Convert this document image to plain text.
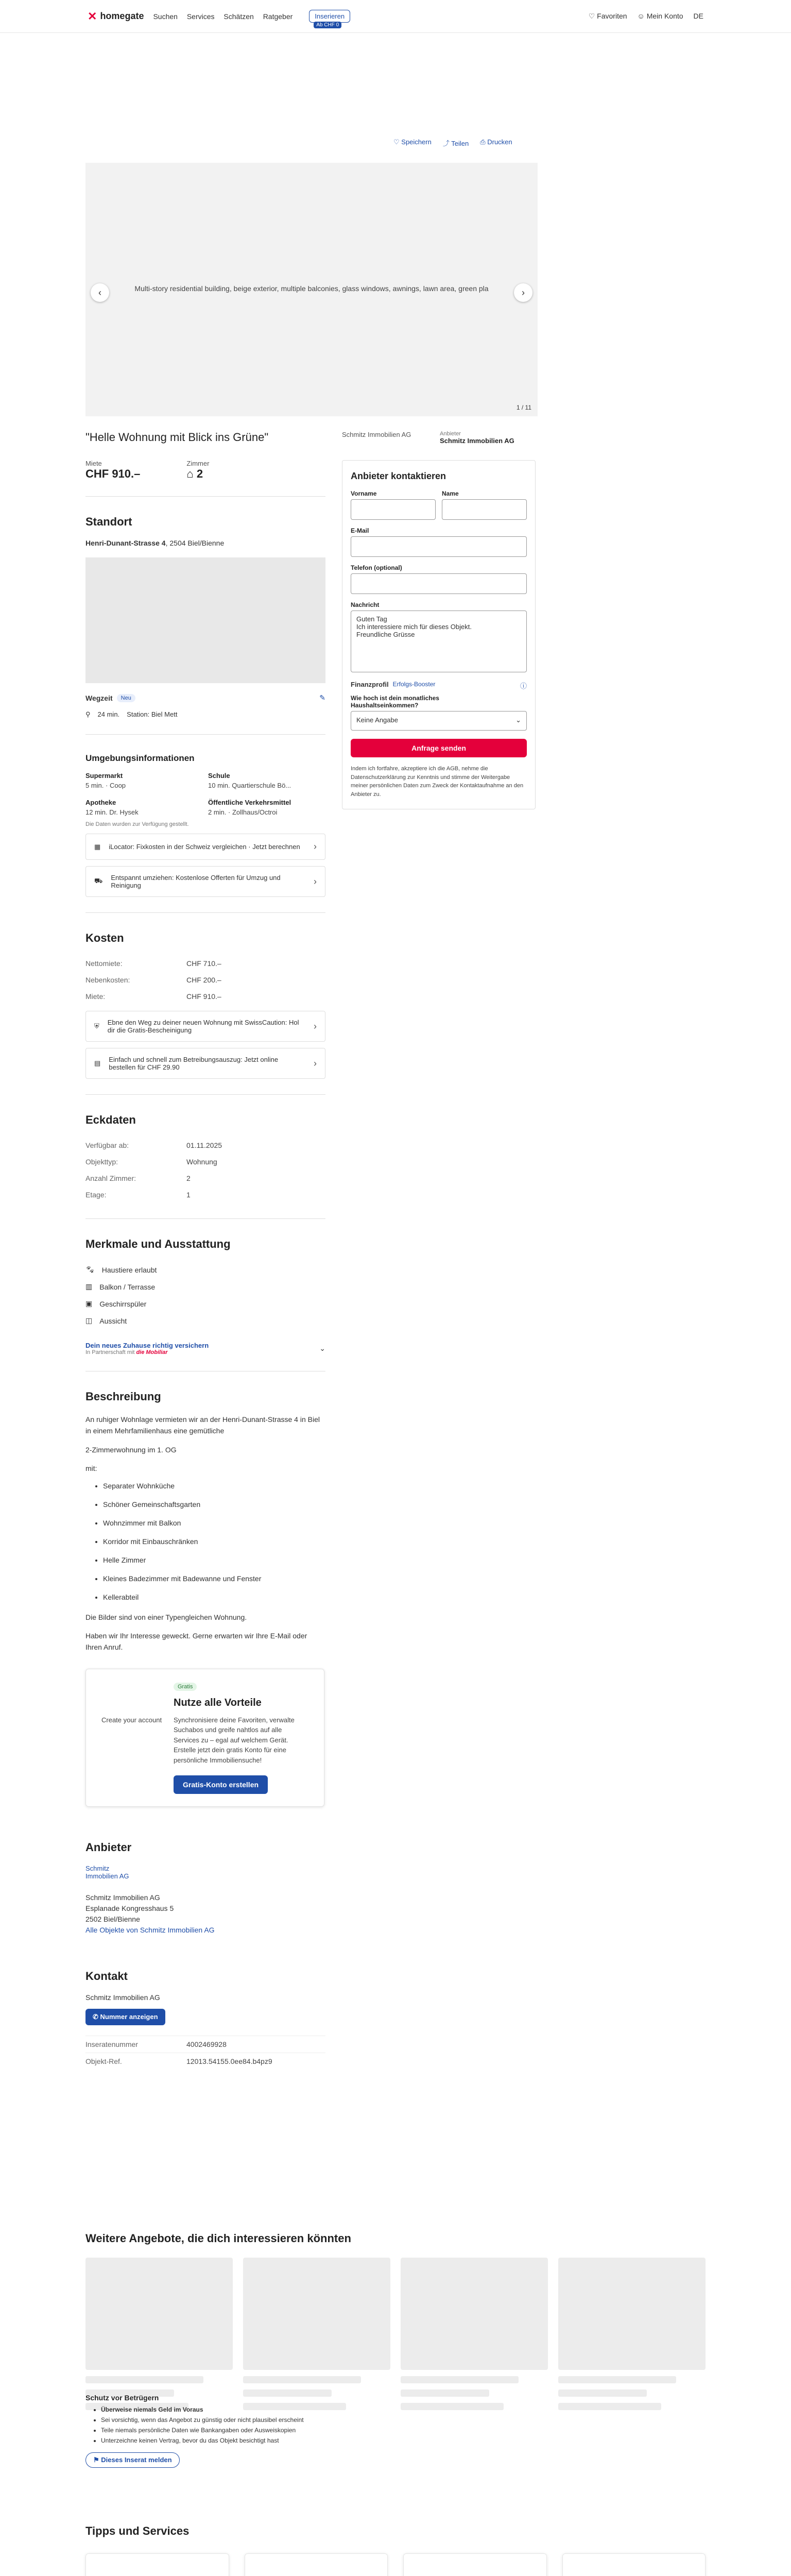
✕ homegate Suchen Services Schätzen Ratgeber	Inserieren
Ab CHF 0
♡ Favoriten ☺ Mein Konto DE
♡ Speichern ⤴ Teilen ⎙ Drucken
Multi-story residential building, beige exterior, multiple balconies, glass windows, awnings, lawn area, green pla
‹	›
1 / 11
"Helle Wohnung mit Blick ins Grüne"
Miete
CHF 910.–
Zimmer
⌂ 2
Standort
Henri-Dunant-Strasse 4, 2504 Biel/Bienne
Wegzeit	Neu	✎
⚲ 24 min. Station: Biel Mett
Umgebungsinformationen
Supermarkt
5 min. · Coop
Schule
10 min. Quartierschule Bö...
Apotheke
12 min. Dr. Hysek
Öffentliche Verkehrsmittel
2 min. · Zollhaus/Octroi
Die Daten wurden zur Verfügung gestellt.
▦ iLocator: Fixkosten in der Schweiz vergleichen · Jetzt berechnen ›
⛟ Entspannt umziehen: Kostenlose Offerten für Umzug und Reinigung	›
Kosten
Nettomiete:	CHF 710.–
Nebenkosten:	CHF 200.–
Miete:	CHF 910.–
⛨ Ebne den Weg zu deiner neuen Wohnung mit SwissCaution: Hol dir die Gratis-Bescheinigung	›
▤ Einfach und schnell zum Betreibungsauszug: Jetzt online bestellen für CHF 29.90	›
Eckdaten
Verfügbar ab:	01.11.2025
Objekttyp:	Wohnung
Anzahl Zimmer:	2
Etage:	1
Merkmale und Ausstattung
🐾︎ Haustiere erlaubt
▥ Balkon / Terrasse
▣ Geschirrspüler
◫ Aussicht
Dein neues Zuhause richtig versichern
In Partnerschaft mit die Mobiliar	⌄
Beschreibung

An ruhiger Wohnlage vermieten wir an der Henri-Dunant-Strasse 4 in Biel in einem Mehrfamilienhaus eine gemütliche

2-Zimmerwohnung im 1. OG

mit:

• Separater Wohnküche
• Schöner Gemeinschaftsgarten
• Wohnzimmer mit Balkon
• Korridor mit Einbauschränken
• Helle Zimmer
• Kleines Badezimmer mit Badewanne und Fenster
• Kellerabteil

Die Bilder sind von einer Typengleichen Wohnung.

Haben wir Ihr Interesse geweckt. Gerne erwarten wir Ihre E-Mail oder Ihren Anruf.

Create your account
Gratis
Nutze alle Vorteile
Synchronisiere deine Favoriten, verwalte Suchabos und greife nahtlos auf alle Services zu – egal auf welchem Gerät. Erstelle jetzt dein gratis Konto für eine persönliche Immobiliensuche!
Gratis-Konto erstellen
Anbieter
Schmitz Immobilien AG
Schmitz Immobilien AG
Esplanade Kongresshaus 5
2502 Biel/Bienne
Alle Objekte von Schmitz Immobilien AG
Kontakt
Schmitz Immobilien AG
✆ Nummer anzeigen
Inseratenummer	4002469928
Objekt-Ref.	12013.54155.0ee84.b4pz9
Schmitz Immobilien AG	Anbieter
Schmitz Immobilien AG
Anbieter kontaktieren
Vorname	Name
E-Mail
Telefon (optional)
Nachricht
Guten Tag
Ich interessiere mich für dieses Objekt.
Freundliche Grüsse
Finanzprofil Erfolgs-Booster	ⓘ
Wie hoch ist dein monatliches Haushaltseinkommen?
Keine Angabe	⌄
Anfrage senden
Indem ich fortfahre, akzeptiere ich die AGB, nehme die Datenschutzerklärung zur Kenntnis und stimme der Weitergabe meiner persönlichen Daten zum Zweck der Kontaktaufnahme an den Anbieter zu.
Weitere Angebote, die dich interessieren könnten
Schutz vor Betrügern
• Überweise niemals Geld im Voraus
• Sei vorsichtig, wenn das Angebot zu günstig oder nicht plausibel erscheint
• Teile niemals persönliche Daten wie Bankangaben oder Ausweiskopien
• Unterzeichne keinen Vertrag, bevor du das Objekt besichtigt hast
⚑ Dieses Inserat melden
Tipps und Services
